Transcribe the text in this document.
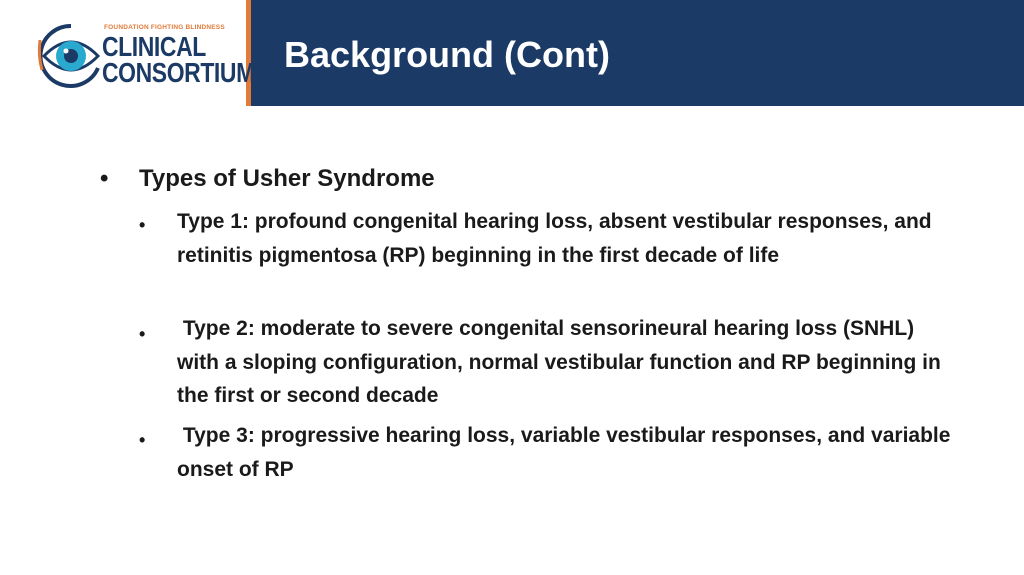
FOUNDATION FIGHTING BLINDNESS
CLINICAL
CONSORTIUM Background (Cont)
• Types of Usher Syndrome
• Type 1: profound congenital hearing loss, absent vestibular responses, and retinitis pigmentosa (RP) beginning in the first decade of life
• Type 2: moderate to severe congenital sensorineural hearing loss (SNHL) with a sloping configuration, normal vestibular function and RP beginning in the first or second decade
• Type 3: progressive hearing loss, variable vestibular responses, and variable onset of RP
